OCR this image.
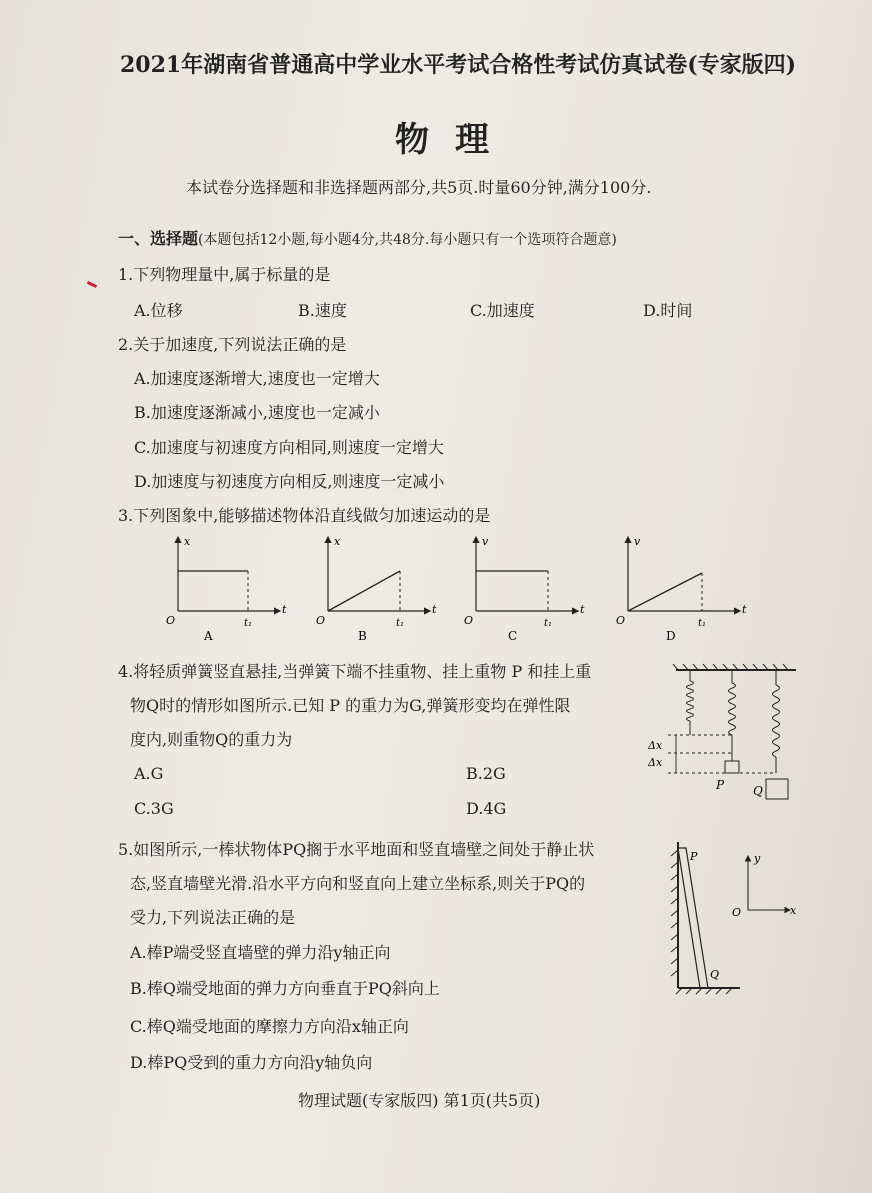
2021年湖南省普通高中学业水平考试合格性考试仿真试卷(专家版四)
物理
本试卷分选择题和非选择题两部分,共5页.时量60分钟,满分100分.
一、选择题(本题包括12小题,每小题4分,共48分.每小题只有一个选项符合题意)
1.下列物理量中,属于标量的是
A.位移	B.速度	C.加速度	D.时间
2.关于加速度,下列说法正确的是
A.加速度逐渐增大,速度也一定增大
B.加速度逐渐减小,速度也一定减小
C.加速度与初速度方向相同,则速度一定增大
D.加速度与初速度方向相反,则速度一定减小
3.下列图象中,能够描述物体沿直线做匀加速运动的是
x
t
O	t₁
A
x
t
O	t₁
B
v
t
O	t₁
C
v
t
O	t₁
D
4.将轻质弹簧竖直悬挂,当弹簧下端不挂重物、挂上重物 P 和挂上重
物Q时的情形如图所示.已知 P 的重力为G,弹簧形变均在弹性限
度内,则重物Q的重力为
A.G	B.2G
C.3G	D.4G
Δx
Δx
P Q
5.如图所示,一棒状物体PQ搁于水平地面和竖直墙壁之间处于静止状
态,竖直墙壁光滑.沿水平方向和竖直向上建立坐标系,则关于PQ的
受力,下列说法正确的是
A.棒P端受竖直墙壁的弹力沿y轴正向
B.棒Q端受地面的弹力方向垂直于PQ斜向上
C.棒Q端受地面的摩擦力方向沿x轴正向
D.棒PQ受到的重力方向沿y轴负向
P
Q
y
x
O
物理试题(专家版四) 第1页(共5页)
